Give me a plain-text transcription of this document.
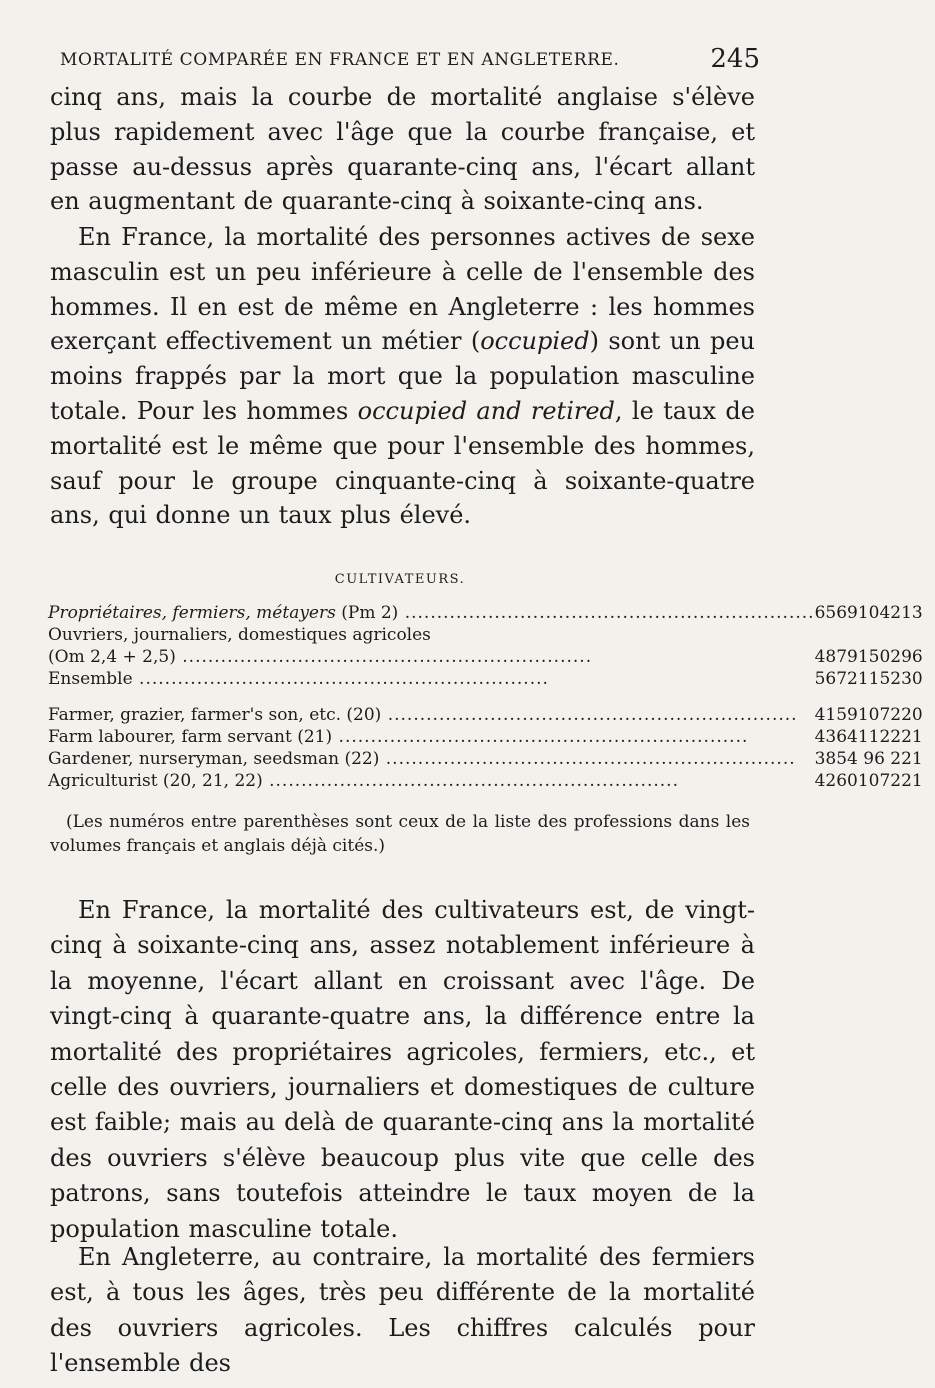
MORTALITÉ COMPARÉE EN FRANCE ET EN ANGLETERRE.	245

cinq ans, mais la courbe de mortalité anglaise s'élève plus rapidement avec l'âge que la courbe française, et passe au-dessus après quarante-cinq ans, l'écart allant en augmentant de quarante-cinq à soixante-cinq ans.

En France, la mortalité des personnes actives de sexe masculin est un peu inférieure à celle de l'ensemble des hommes. Il en est de même en Angleterre : les hommes exerçant effectivement un métier (occupied) sont un peu moins frappés par la mort que la population masculine totale. Pour les hommes occupied and retired, le taux de mortalité est le même que pour l'ensemble des hommes, sauf pour le groupe cinquante-cinq à soixante-quatre ans, qui donne un taux plus élevé.

CULTIVATEURS.
Propriétaires, fermiers, métayers (Pm 2) .....	65	69	104	213
Ouvriers, journaliers, domestiques agricoles				
(Om 2,4 + 2,5) .....	48	79	150	296
Ensemble .....	56	72	115	230

Farmer, grazier, farmer's son, etc. (20) .....	41	59	107	220
Farm labourer, farm servant (21) .....	43	64	112	221
Gardener, nurseryman, seedsman (22) .....	38	54	96	221
Agriculturist (20, 21, 22) .....	42	60	107	221

(Les numéros entre parenthèses sont ceux de la liste des professions dans les volumes français et anglais déjà cités.)

En France, la mortalité des cultivateurs est, de vingt-cinq à soixante-cinq ans, assez notablement inférieure à la moyenne, l'écart allant en croissant avec l'âge. De vingt-cinq à quarante-quatre ans, la différence entre la mortalité des propriétaires agricoles, fermiers, etc., et celle des ouvriers, journaliers et domestiques de culture est faible; mais au delà de quarante-cinq ans la mortalité des ouvriers s'élève beaucoup plus vite que celle des patrons, sans toutefois atteindre le taux moyen de la population masculine totale.

En Angleterre, au contraire, la mortalité des fermiers est, à tous les âges, très peu différente de la mortalité des ouvriers agricoles. Les chiffres calculés pour l'ensemble des
